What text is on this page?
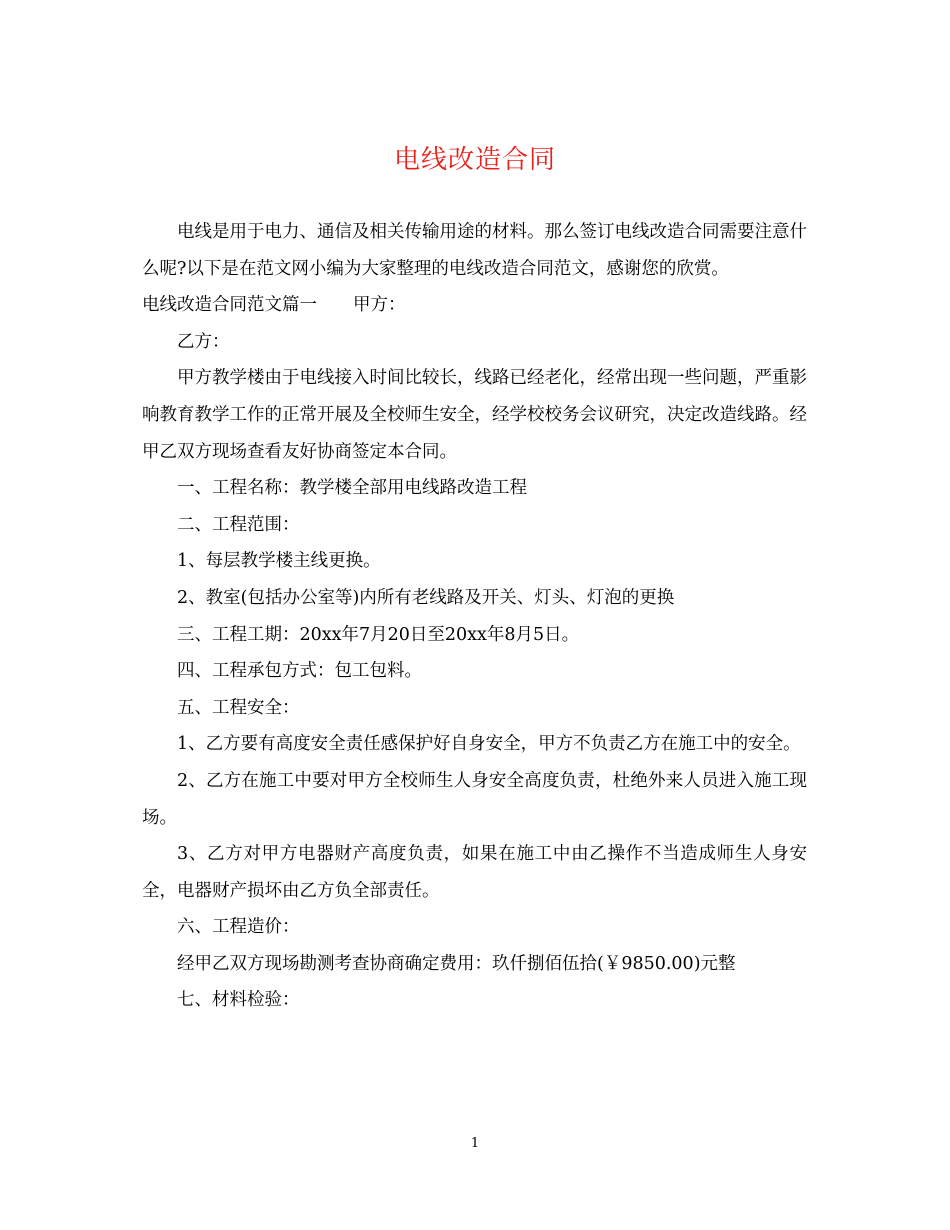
电线改造合同

电线是用于电力、通信及相关传输用途的材料。那么签订电线改造合同需要注意什么呢?以下是在范文网小编为大家整理的电线改造合同范文，感谢您的欣赏。

电线改造合同范文篇一 甲方：

乙方：

甲方教学楼由于电线接入时间比较长，线路已经老化，经常出现一些问题，严重影响教育教学工作的正常开展及全校师生安全，经学校校务会议研究，决定改造线路。经甲乙双方现场查看友好协商签定本合同。

一、工程名称：教学楼全部用电线路改造工程

二、工程范围：

1、每层教学楼主线更换。

2、教室(包括办公室等)内所有老线路及开关、灯头、灯泡的更换

三、工程工期：20xx年7月20日至20xx年8月5日。

四、工程承包方式：包工包料。

五、工程安全：

1、乙方要有高度安全责任感保护好自身安全，甲方不负责乙方在施工中的安全。

2、乙方在施工中要对甲方全校师生人身安全高度负责，杜绝外来人员进入施工现场。

3、乙方对甲方电器财产高度负责，如果在施工中由乙操作不当造成师生人身安全，电器财产损坏由乙方负全部责任。

六、工程造价：

经甲乙双方现场勘测考查协商确定费用：玖仟捌佰伍拾(￥9850.00)元整

七、材料检验：

1
